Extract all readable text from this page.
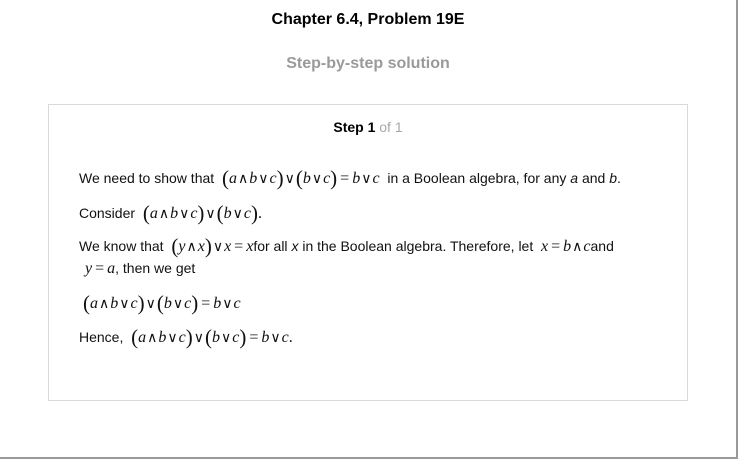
Chapter 6.4, Problem 19E
Step-by-step solution
Step 1 of 1
We need to show that (a∧b∨c)∨(b∨c) = b∨c in a Boolean algebra, for any a and b.
Consider (a∧b∨c)∨(b∨c).
We know that (y∧x)∨x = xfor all x in the Boolean algebra. Therefore, let x = b∧cand
y = a, then we get
(a∧b∨c)∨(b∨c) = b∨c
Hence, (a∧b∨c)∨(b∨c) = b∨c.
